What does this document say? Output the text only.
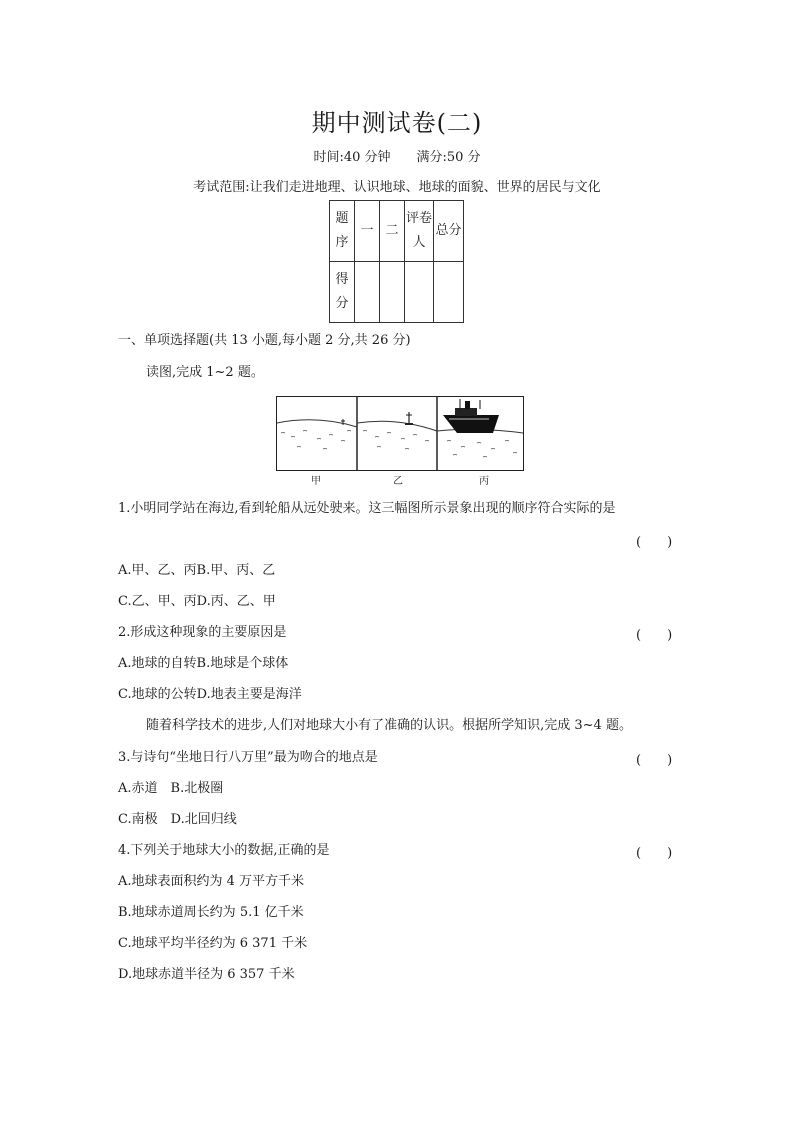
期中测试卷(二)
时间:40 分钟 满分:50 分
考试范围:让我们走进地理、认识地球、地球的面貌、世界的居民与文化
题序	一	二	评卷人	总分
得分				
一、单项选择题(共 13 小题,每小题 2 分,共 26 分)
读图,完成 1~2 题。
甲	乙	丙
1.小明同学站在海边,看到轮船从远处驶来。这三幅图所示景象出现的顺序符合实际的是
(　　)
A.甲、乙、丙B.甲、丙、乙
C.乙、甲、丙D.丙、乙、甲
2.形成这种现象的主要原因是	(　　)
A.地球的自转B.地球是个球体
C.地球的公转D.地表主要是海洋
随着科学技术的进步,人们对地球大小有了准确的认识。根据所学知识,完成 3~4 题。
3.与诗句“坐地日行八万里”最为吻合的地点是	(　　)
A.赤道　B.北极圈
C.南极　D.北回归线
4.下列关于地球大小的数据,正确的是	(　　)
A.地球表面积约为 4 万平方千米
B.地球赤道周长约为 5.1 亿千米
C.地球平均半径约为 6 371 千米
D.地球赤道半径为 6 357 千米
